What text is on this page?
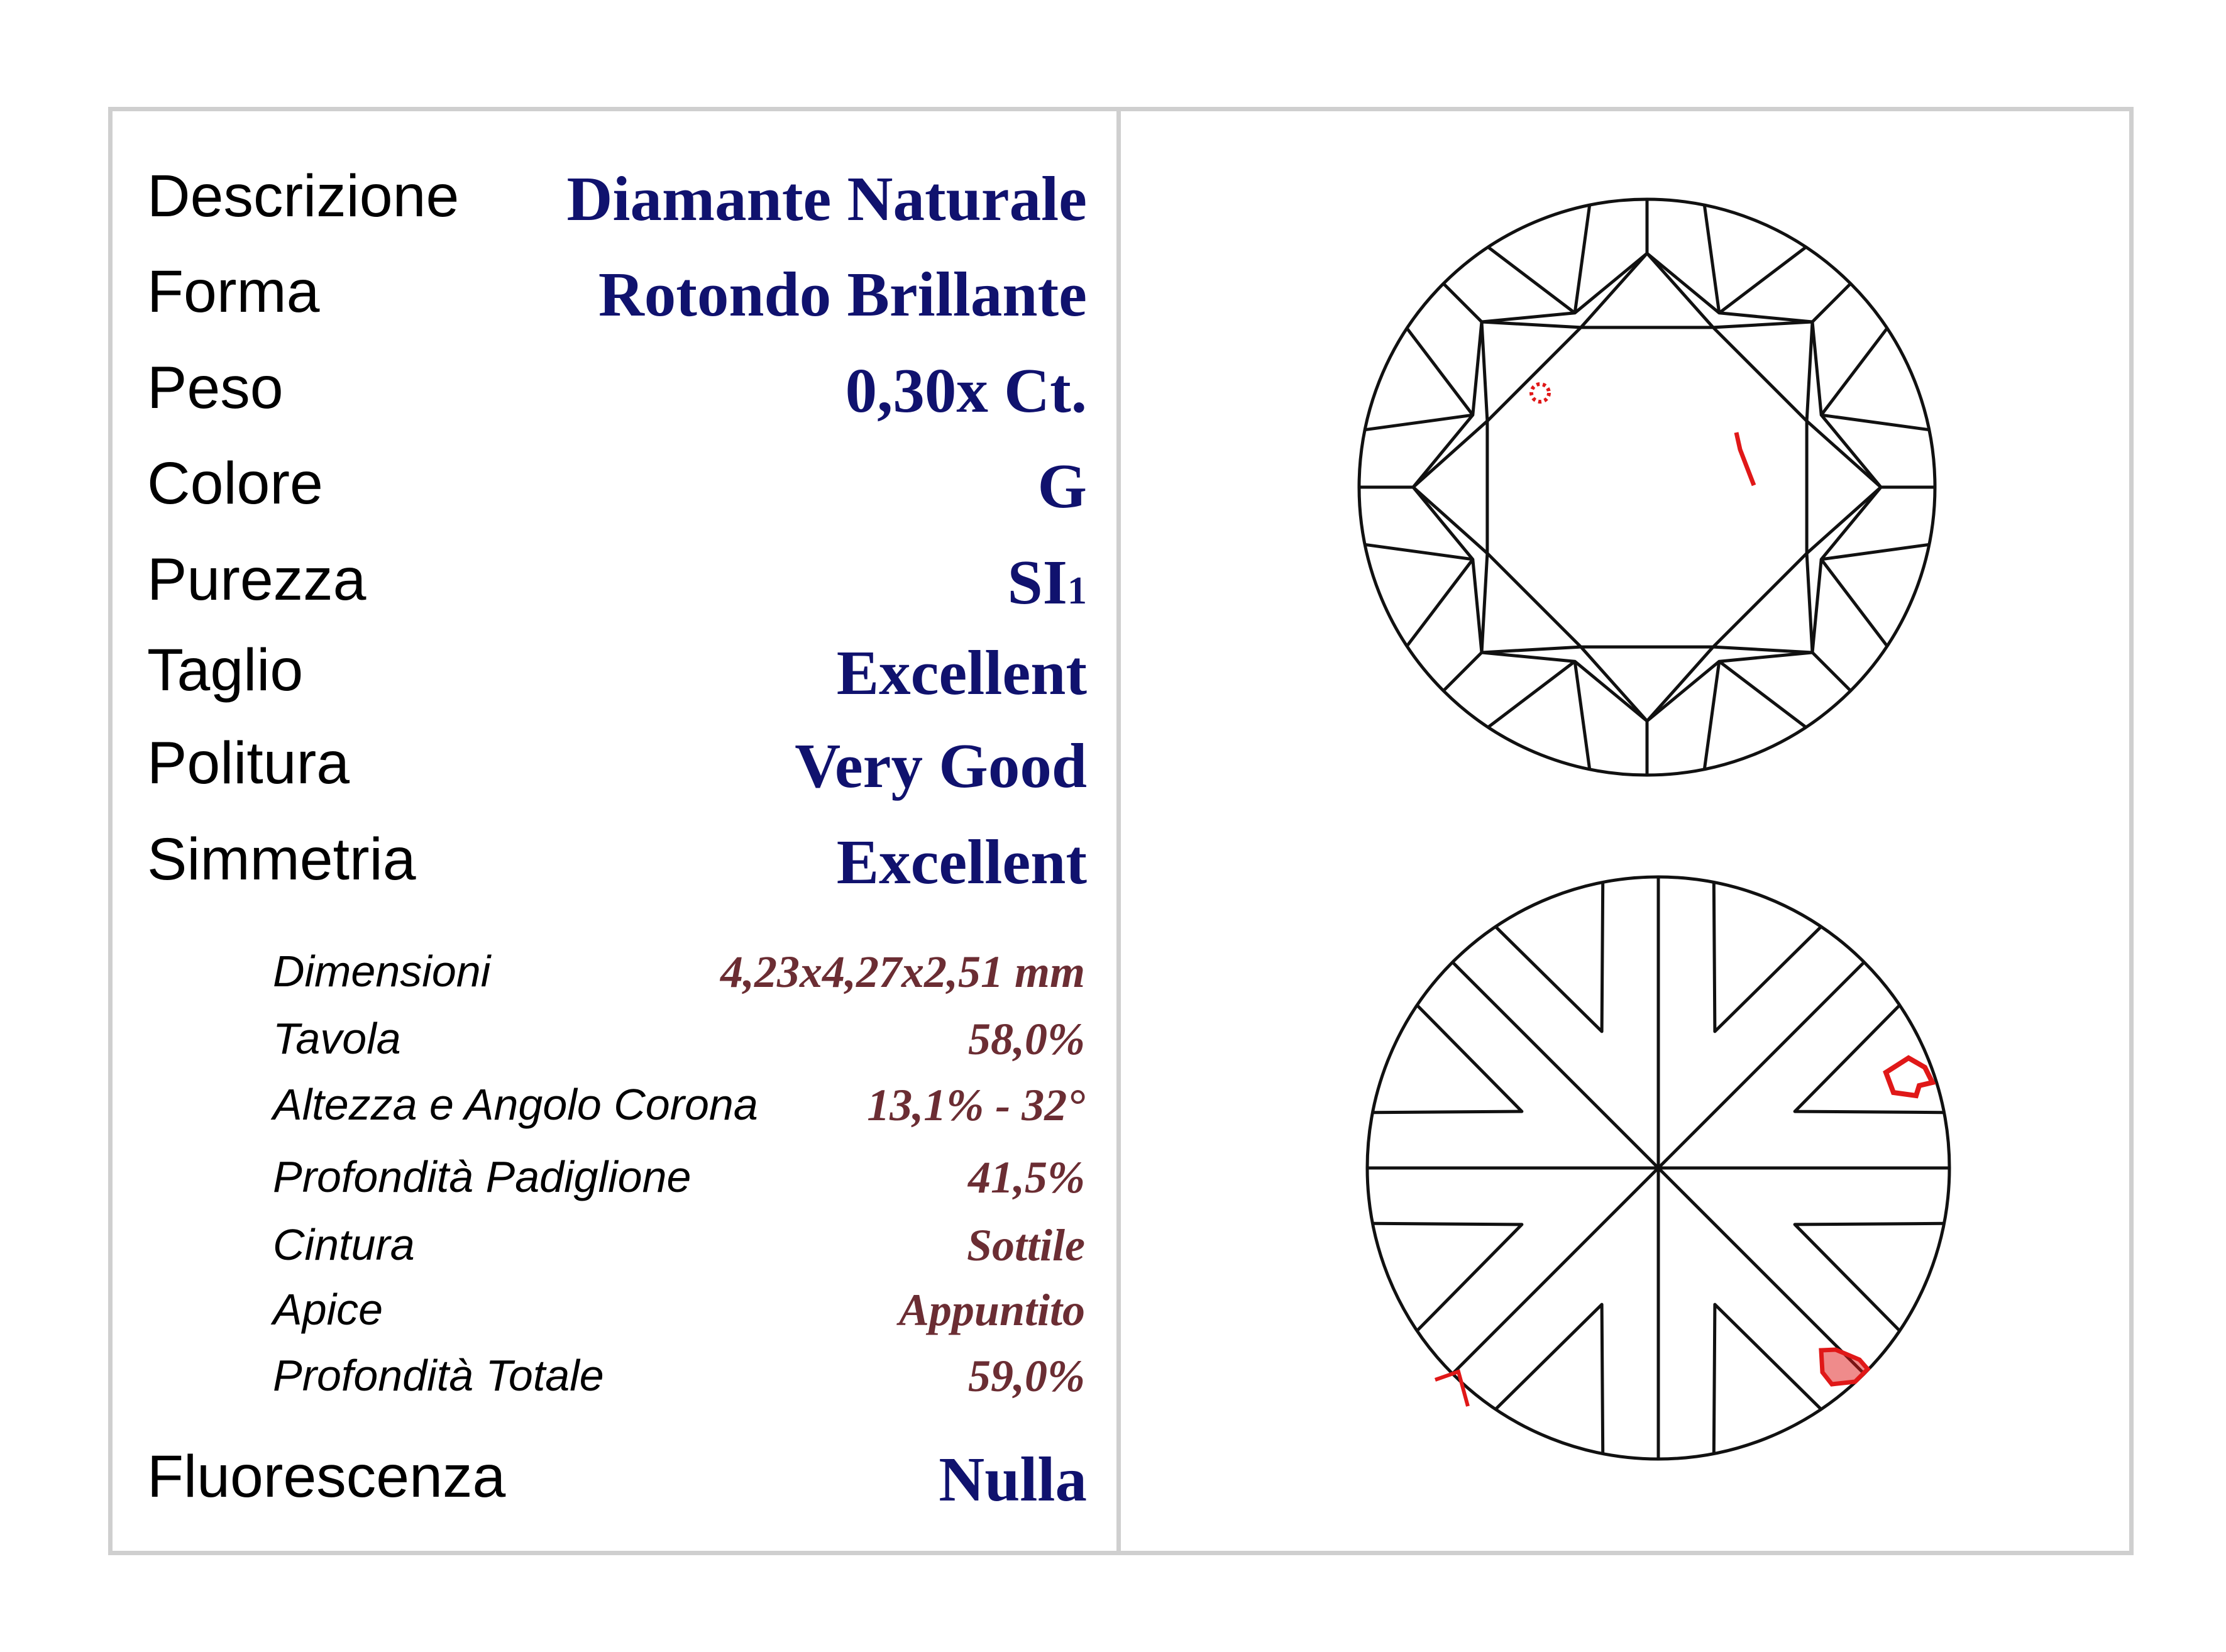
Descrizione Diamante Naturale
Forma	Rotondo Brillante
Peso	0,30x Ct.
Colore	G
Purezza	SI1
Taglio	Excellent
Politura	Very Good
Simmetria	Excellent
Dimensioni	4,23x4,27x2,51 mm
Tavola	58,0%
Altezza e Angolo Corona 13,1% - 32°
Profondità Padiglione	41,5%
Cintura	Sottile
Apice	Appuntito
Profondità Totale	59,0%
Fluorescenza	Nulla
